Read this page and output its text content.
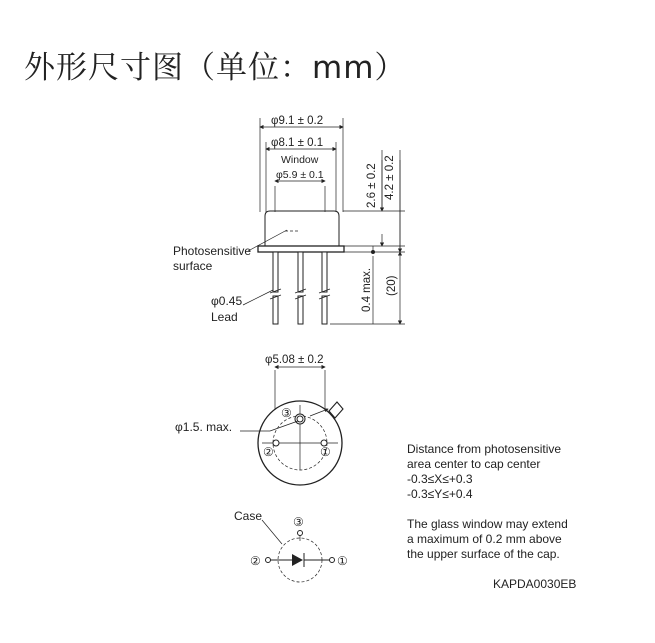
外形尺寸图（单位：mm）
φ9.1 ± 0.2
φ8.1 ± 0.1
Window
φ5.9 ± 0.1
Photosensitive
surface
φ0.45
Lead
2.6 ± 0.2 4.2 ± 0.2
0.4 max. (20)
φ5.08 ± 0.2
φ1.5. max.
③
②	①
Case	③
②	①
Distance from photosensitive
area center to cap center
-0.3≤X≤+0.3
-0.3≤Y≤+0.4
The glass window may extend
a maximum of 0.2 mm above
the upper surface of the cap.
KAPDA0030EB
